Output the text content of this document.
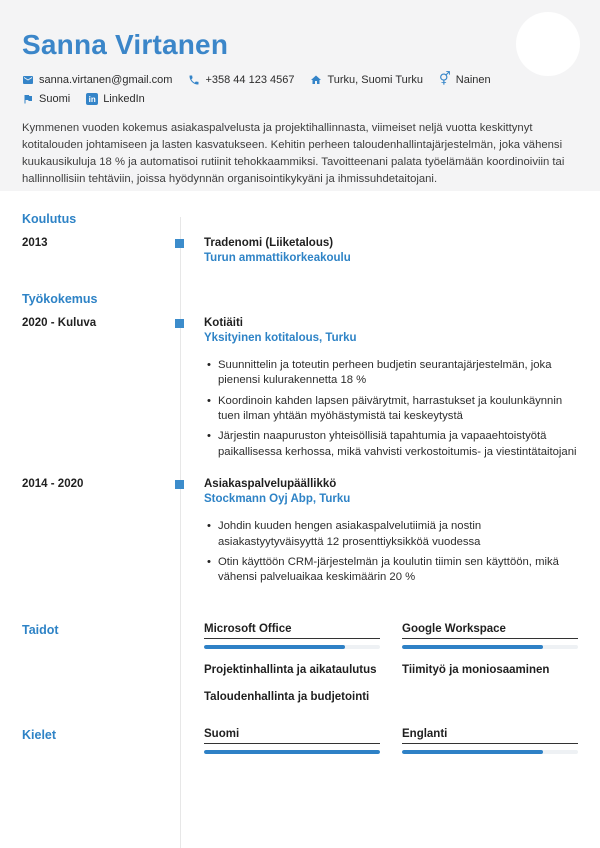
Sanna Virtanen
sanna.virtanen@gmail.com	+358 44 123 4567	Turku, Suomi Turku ⚥ Nainen
Suomi	in LinkedIn

Kymmenen vuoden kokemus asiakaspalvelusta ja projektihallinnasta, viimeiset neljä vuotta keskittynyt kotitalouden johtamiseen ja lasten kasvatukseen. Kehitin perheen taloudenhallintajärjestelmän, joka vähensi kuukausikuluja 18 % ja automatisoi rutiinit tehokkaammiksi. Tavoitteenani palata työelämään koordinoiviin tai hallinnollisiin tehtäviin, joissa hyödynnän organisointikykyäni ja ihmissuhdetaitojani.

Koulutus
2013	Tradenomi (Liiketalous)
Turun ammattikorkeakoulu
Työkokemus
2020 - Kuluva	Kotiäiti
Yksityinen kotitalous, Turku
• Suunnittelin ja toteutin perheen budjetin seurantajärjestelmän, joka pienensi kulurakennetta 18 %
• Koordinoin kahden lapsen päivärytmit, harrastukset ja koulunkäynnin tuen ilman yhtään myöhästymistä tai keskeytystä
• Järjestin naapuruston yhteisöllisiä tapahtumia ja vapaaehtoistyötä paikallisessa kerhossa, mikä vahvisti verkostoitumis- ja viestintätaitojani
2014 - 2020	Asiakaspalvelupäällikkö
Stockmann Oyj Abp, Turku
• Johdin kuuden hengen asiakaspalvelutiimiä ja nostin asiakastyytyväisyyttä 12 prosenttiyksikköä vuodessa
• Otin käyttöön CRM-järjestelmän ja koulutin tiimin sen käyttöön, mikä vähensi palveluaikaa keskimäärin 20 %
Taidot	Microsoft Office	Google Workspace
Projektinhallinta ja aikataulutus	Tiimityö ja moniosaaminen
Taloudenhallinta ja budjetointi
Kielet	Suomi	Englanti
